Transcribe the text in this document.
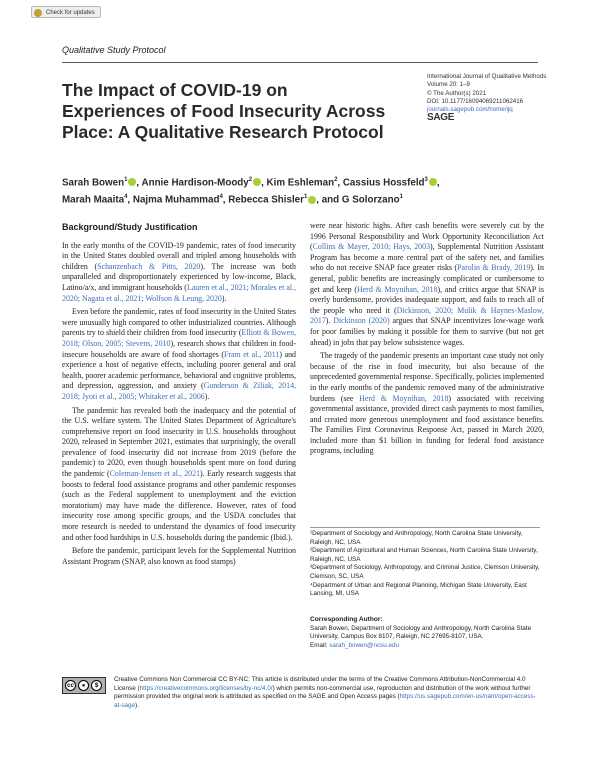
Check for updates
Qualitative Study Protocol
The Impact of COVID-19 on Experiences of Food Insecurity Across Place: A Qualitative Research Protocol
International Journal of Qualitative Methods
Volume 20: 1–9
© The Author(s) 2021
DOI: 10.1177/16094069211062416
journals.sagepub.com/home/ijq
SAGE
Sarah Bowen$^1$ , Annie Hardison-Moody$^2$ , Kim Eshleman$^2$, Cassius Hossfeld$^3$ ,
Marah Maaita$^4$, Najma Muhammad$^4$, Rebecca Shisler$^1$ , and G Solorzano$^1$
Background/Study Justification

In the early months of the COVID-19 pandemic, rates of food insecurity in the United States doubled overall and tripled among households with children (Schanzenbach & Pitts, 2020). The increase was both unparalleled and disproportionately experienced by low-income, Black, Latino/a/x, and immigrant households (Lauren et al., 2021; Morales et al., 2020; Nagata et al., 2021; Wolfson & Leung, 2020).

Even before the pandemic, rates of food insecurity in the United States were unusually high compared to other industrialized countries. Although parents try to shield their children from food insecurity (Elliott & Bowen, 2018; Olson, 2005; Stevens, 2010), research shows that children in food-insecure households are aware of food shortages (Fram et al., 2011) and experience a host of negative effects, including poorer general and oral health, poorer academic performance, behavioral and cognitive problems, and depression, aggression, and anxiety (Gunderson & Ziliak, 2014, 2018; Jyoti et al., 2005; Whitaker et al., 2006).

The pandemic has revealed both the inadequacy and the potential of the U.S. welfare system. The United States Department of Agriculture's comprehensive report on food insecurity in U.S. households throughout 2020, released in September 2021, estimates that surprisingly, the overall prevalence of food insecurity did not increase from 2019 (before the pandemic) to 2020, even though households spent more on food during the pandemic (Coleman-Jensen et al., 2021). Early research suggests that boosts to federal food assistance programs and other pandemic responses (such as the Federal supplement to unemployment and the eviction moratorium) may have made the difference. However, rates of food insecurity rose among specific groups, and the USDA concludes that more research is needed to understand the dynamics of food insecurity and other food hardships in U.S. households during the pandemic (Ibid.).

Before the pandemic, participant levels for the Supplemental Nutrition Assistant Program (SNAP, also known as food stamps)

were near historic highs. After cash benefits were severely cut by the 1996 Personal Responsibility and Work Opportunity Reconciliation Act (Collins & Mayer, 2010; Hays, 2003), Supplemental Nutrition Assistant Program has become a more central part of the safety net, and families who do not receive SNAP face greater risks (Parolin & Brady, 2019). In general, public benefits are increasingly complicated or cumbersome to get and keep (Herd & Moynihan, 2018), and critics argue that SNAP is overly burdensome, provides inadequate support, and fails to reach all of the people who need it (Dickinson, 2020; Mulik & Haynes-Maslow, 2017). Dickinson (2020) argues that SNAP incentivizes low-wage work for poor families by making it possible for them to survive (but not get ahead) in jobs that pay below subsistence wages.

The tragedy of the pandemic presents an important case study not only because of the rise in food insecurity, but also because of the unprecedented governmental response. Specifically, policies implemented in the early months of the pandemic removed many of the administrative burdens (see Herd & Moynihan, 2018) associated with receiving governmental assistance, provided direct cash payments to most families, and created more generous unemployment and food assistance benefits. The Families First Coronavirus Response Act, passed in March 2020, included more than $1 billion in funding for federal food assistance programs, including

¹Department of Sociology and Anthropology, North Carolina State University, Raleigh, NC, USA

²Department of Agricultural and Human Sciences, North Carolina State University, Raleigh, NC, USA

³Department of Sociology, Anthropology, and Criminal Justice, Clemson University, Clemson, SC, USA

⁴Department of Urban and Regional Planning, Michigan State University, East Lansing, MI, USA

Corresponding Author:
Sarah Bowen, Department of Sociology and Anthropology, North Carolina State University, Campus Box 8107, Raleigh, NC 27695-8107, USA.
Email: sarah_bowen@ncsu.edu
cc	●	$
Creative Commons Non Commercial CC BY-NC: This article is distributed under the terms of the Creative Commons Attribution-NonCommercial 4.0 License (https://creativecommons.org/licenses/by-nc/4.0/) which permits non-commercial use, reproduction and distribution of the work without further permission provided the original work is attributed as specified on the SAGE and Open Access pages (https://us.sagepub.com/en-us/nam/open-access-at-sage).
